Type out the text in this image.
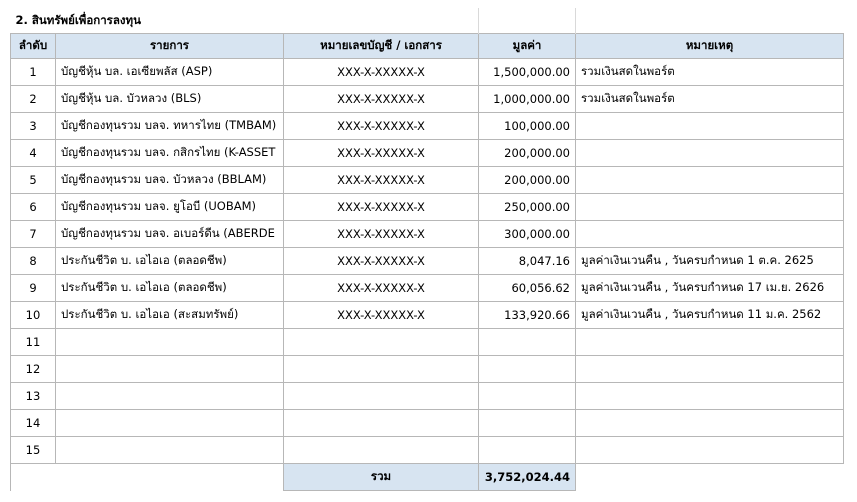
2. สินทรัพย์เพื่อการลงทุน				
ลำดับ	รายการ	หมายเลขบัญชี / เอกสาร	มูลค่า	หมายเหตุ
1	บัญชีหุ้น บล. เอเซียพลัส (ASP)	XXX-X-XXXXX-X	1,500,000.00	รวมเงินสดในพอร์ต
2	บัญชีหุ้น บล. บัวหลวง (BLS)	XXX-X-XXXXX-X	1,000,000.00	รวมเงินสดในพอร์ต
3	บัญชีกองทุนรวม บลจ. ทหารไทย (TMBAM)	XXX-X-XXXXX-X	100,000.00	
4	บัญชีกองทุนรวม บลจ. กสิกรไทย (K-ASSET	XXX-X-XXXXX-X	200,000.00	
5	บัญชีกองทุนรวม บลจ. บัวหลวง (BBLAM)	XXX-X-XXXXX-X	200,000.00	
6	บัญชีกองทุนรวม บลจ. ยูโอบี (UOBAM)	XXX-X-XXXXX-X	250,000.00	
7	บัญชีกองทุนรวม บลจ. อเบอร์ดีน (ABERDE	XXX-X-XXXXX-X	300,000.00	
8	ประกันชีวิต บ. เอไอเอ (ตลอดชีพ)	XXX-X-XXXXX-X	8,047.16	มูลค่าเงินเวนคืน , วันครบกำหนด 1 ต.ค. 2625
9	ประกันชีวิต บ. เอไอเอ (ตลอดชีพ)	XXX-X-XXXXX-X	60,056.62	มูลค่าเงินเวนคืน , วันครบกำหนด 17 เม.ย. 2626
10	ประกันชีวิต บ. เอไอเอ (สะสมทรัพย์)	XXX-X-XXXXX-X	133,920.66	มูลค่าเงินเวนคืน , วันครบกำหนด 11 ม.ค. 2562
11				
12				
13				
14				
15				
		รวม	3,752,024.44	
